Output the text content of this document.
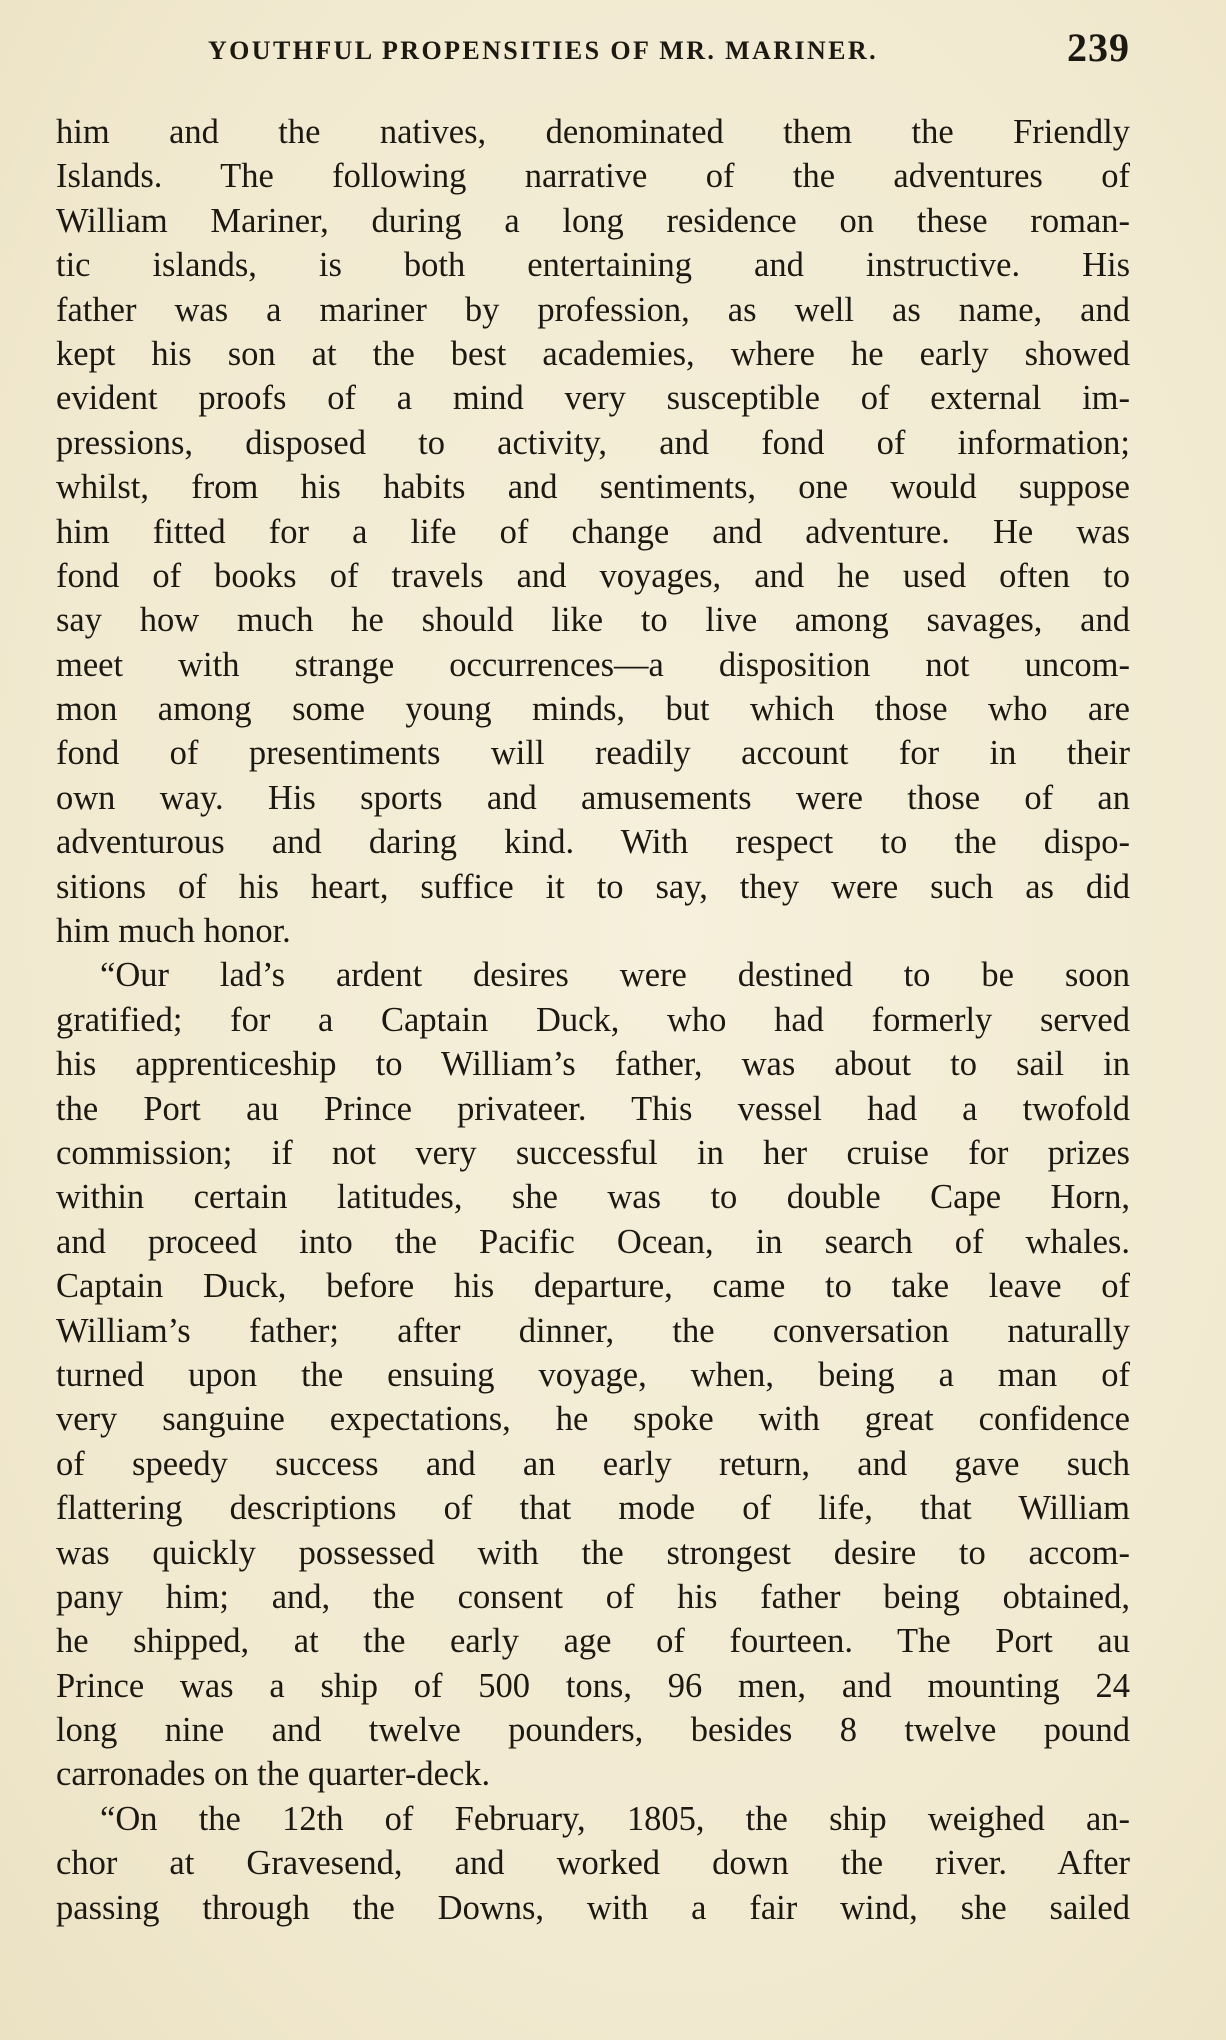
YOUTHFUL PROPENSITIES OF MR. MARINER.	239
him and the natives, denominated them the Friendly
Islands. The following narrative of the adventures of
William Mariner, during a long residence on these roman-
tic islands, is both entertaining and instructive. His
father was a mariner by profession, as well as name, and
kept his son at the best academies, where he early showed
evident proofs of a mind very susceptible of external im-
pressions, disposed to activity, and fond of information;
whilst, from his habits and sentiments, one would suppose
him fitted for a life of change and adventure. He was
fond of books of travels and voyages, and he used often to
say how much he should like to live among savages, and
meet with strange occurrences—a disposition not uncom-
mon among some young minds, but which those who are
fond of presentiments will readily account for in their
own way. His sports and amusements were those of an
adventurous and daring kind. With respect to the dispo-
sitions of his heart, suffice it to say, they were such as did
him much honor.
“Our lad’s ardent desires were destined to be soon
gratified; for a Captain Duck, who had formerly served
his apprenticeship to William’s father, was about to sail in
the Port au Prince privateer. This vessel had a twofold
commission; if not very successful in her cruise for prizes
within certain latitudes, she was to double Cape Horn,
and proceed into the Pacific Ocean, in search of whales.
Captain Duck, before his departure, came to take leave of
William’s father; after dinner, the conversation naturally
turned upon the ensuing voyage, when, being a man of
very sanguine expectations, he spoke with great confidence
of speedy success and an early return, and gave such
flattering descriptions of that mode of life, that William
was quickly possessed with the strongest desire to accom-
pany him; and, the consent of his father being obtained,
he shipped, at the early age of fourteen. The Port au
Prince was a ship of 500 tons, 96 men, and mounting 24
long nine and twelve pounders, besides 8 twelve pound
carronades on the quarter-deck.
“On the 12th of February, 1805, the ship weighed an-
chor at Gravesend, and worked down the river. After
passing through the Downs, with a fair wind, she sailed
